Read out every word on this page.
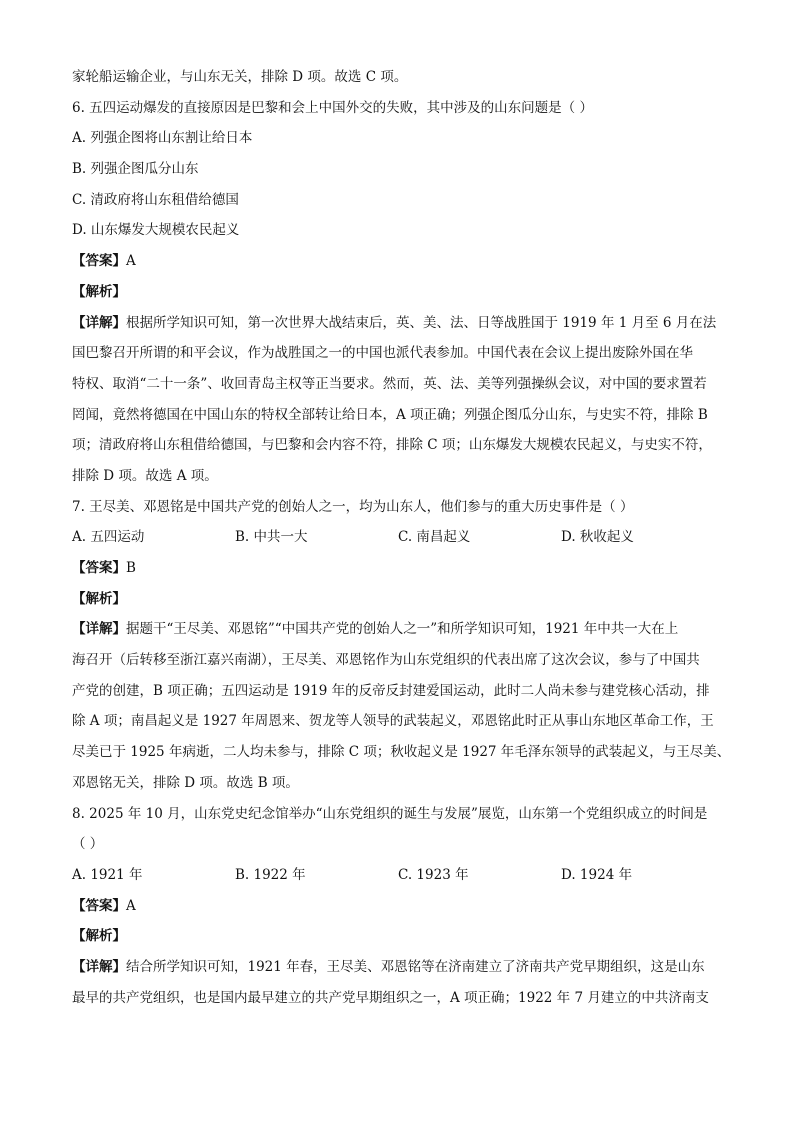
家轮船运输企业，与山东无关，排除 D 项。故选 C 项。
6. 五四运动爆发的直接原因是巴黎和会上中国外交的失败，其中涉及的山东问题是（ ）
A. 列强企图将山东割让给日本
B. 列强企图瓜分山东
C. 清政府将山东租借给德国
D. 山东爆发大规模农民起义
【答案】A
【解析】
【详解】根据所学知识可知，第一次世界大战结束后，英、美、法、日等战胜国于 1919 年 1 月至 6 月在法
国巴黎召开所谓的和平会议，作为战胜国之一的中国也派代表参加。中国代表在会议上提出废除外国在华
特权、取消“二十一条”、收回青岛主权等正当要求。然而，英、法、美等列强操纵会议，对中国的要求置若
罔闻，竟然将德国在中国山东的特权全部转让给日本，A 项正确；列强企图瓜分山东，与史实不符，排除 B
项；清政府将山东租借给德国，与巴黎和会内容不符，排除 C 项；山东爆发大规模农民起义，与史实不符，
排除 D 项。故选 A 项。
7. 王尽美、邓恩铭是中国共产党的创始人之一，均为山东人，他们参与的重大历史事件是（ ）
A. 五四运动	B. 中共一大	C. 南昌起义	D. 秋收起义
【答案】B
【解析】
【详解】据题干“王尽美、邓恩铭”“中国共产党的创始人之一”和所学知识可知，1921 年中共一大在上
海召开（后转移至浙江嘉兴南湖），王尽美、邓恩铭作为山东党组织的代表出席了这次会议，参与了中国共
产党的创建，B 项正确；五四运动是 1919 年的反帝反封建爱国运动，此时二人尚未参与建党核心活动，排
除 A 项；南昌起义是 1927 年周恩来、贺龙等人领导的武装起义，邓恩铭此时正从事山东地区革命工作，王
尽美已于 1925 年病逝，二人均未参与，排除 C 项；秋收起义是 1927 年毛泽东领导的武装起义，与王尽美、
邓恩铭无关，排除 D 项。故选 B 项。
8. 2025 年 10 月，山东党史纪念馆举办“山东党组织的诞生与发展”展览，山东第一个党组织成立的时间是
（ ）
A. 1921 年	B. 1922 年	C. 1923 年	D. 1924 年
【答案】A
【解析】
【详解】结合所学知识可知，1921 年春，王尽美、邓恩铭等在济南建立了济南共产党早期组织，这是山东
最早的共产党组织，也是国内最早建立的共产党早期组织之一，A 项正确；1922 年 7 月建立的中共济南支
